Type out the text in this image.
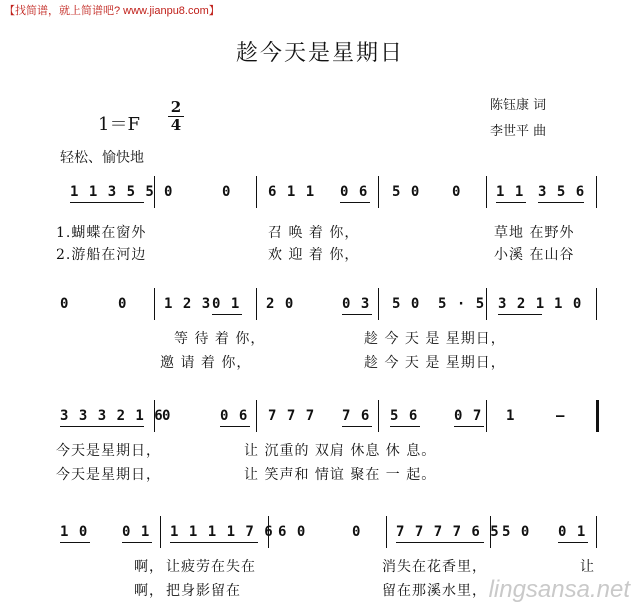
【找简谱，就上简谱吧? www.jianpu8.com】
趁今天是星期日
陈钰康 词
李世平 曲
1＝F
2
4
轻松、愉快地
1 1 3 5 5 0	0	6 1 1 0 6 5 0 0 1 1 3 5 6
1.蝴蝶在窗外	召 唤 着 你，	草地 在野外
2.游船在河边	欢 迎 着 你，	小溪 在山谷
0	0	1 2 3 0 1 2 0	0 3 5 0 5 · 5 3 2 1 1 0
等 待 着 你，	趁 今 天 是 星期日，
邀 请 着 你，	趁 今 天 是 星期日，
3 3 3 2 1 6
0	0 6 7 7 7 7 6 5 6	0 7 1	—
今天是星期日，	让 沉重的 双肩 休息 休 息。
今天是星期日，	让 笑声和 情谊 聚在 一 起。
1 0 0 1 1 1 1 1 7 6 6 0	0 7 7 7 7 6 5 5 0 0 1
啊， 让疲劳在失在	消失在花香里，	让
啊， 把身影留在	留在那溪水里， lingsansa.net
